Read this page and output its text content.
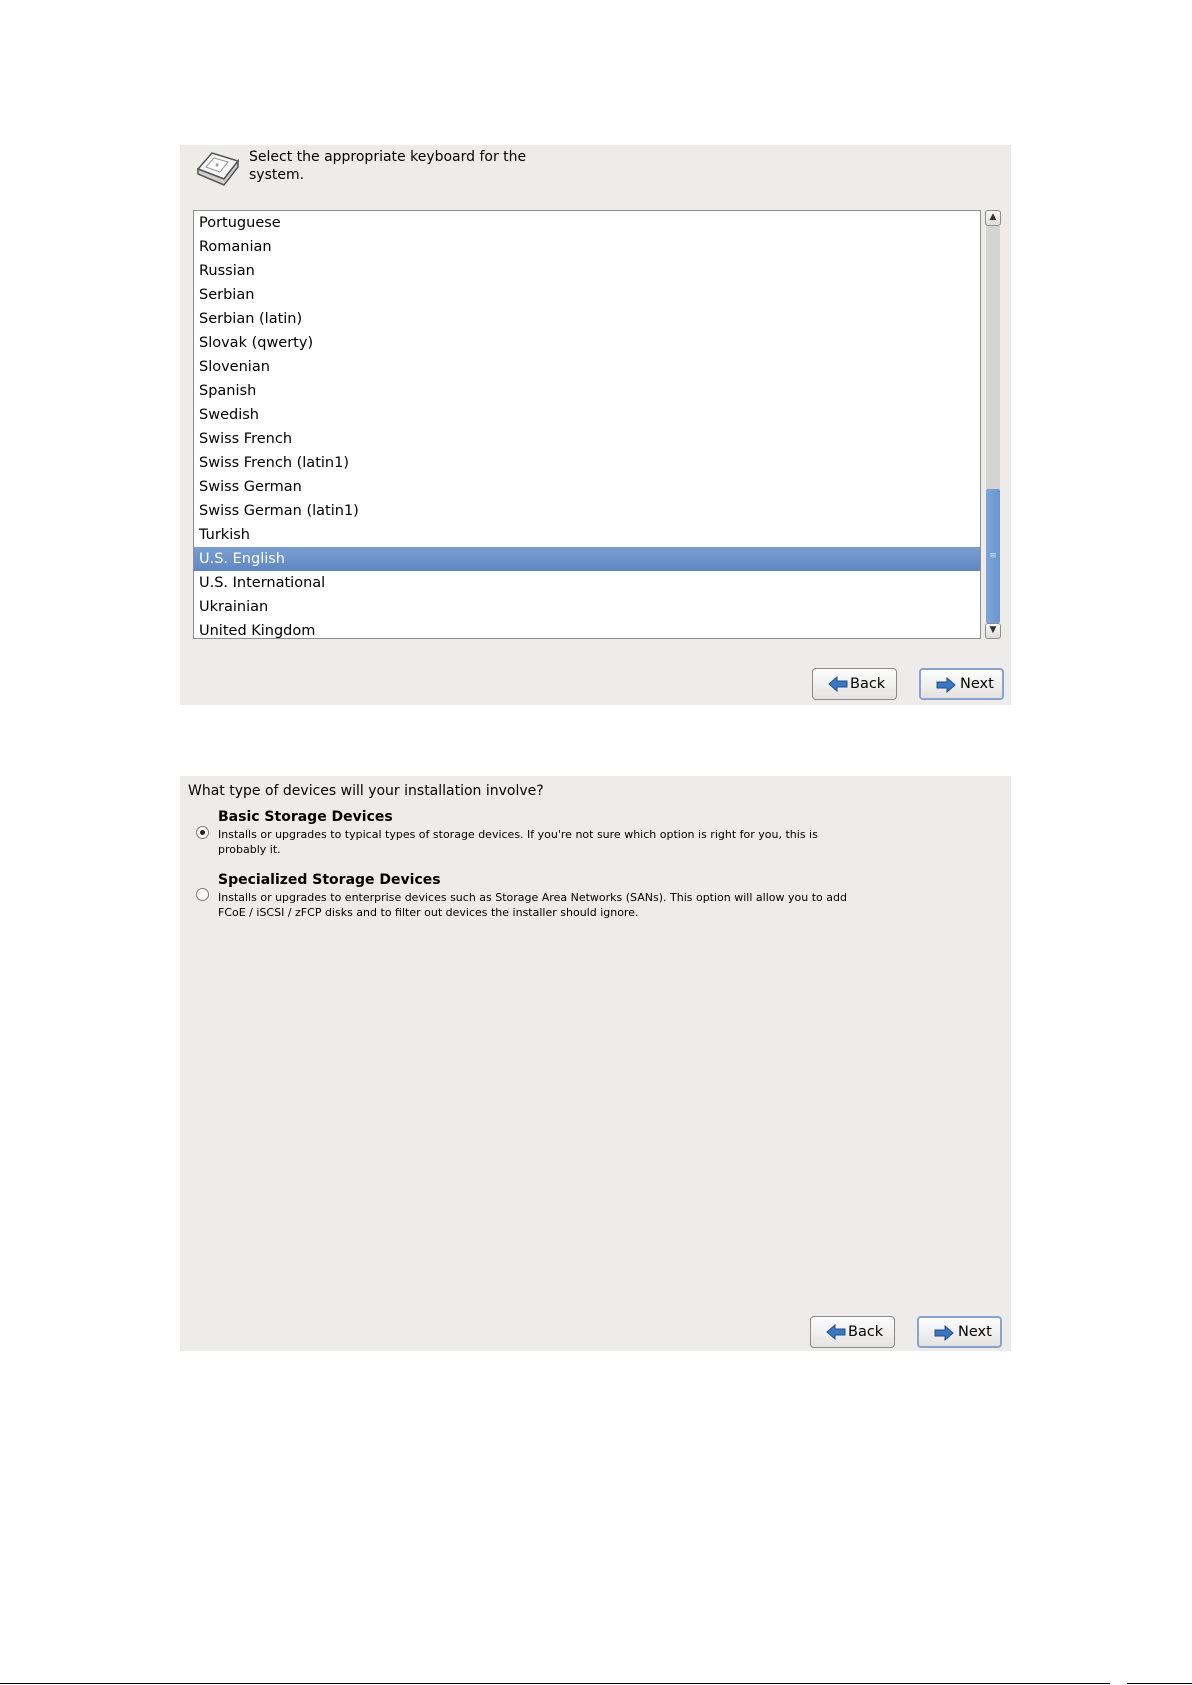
#
Select the appropriate keyboard for the system.
Portuguese
Romanian
Russian
Serbian
Serbian (latin)
Slovak (qwerty)
Slovenian
Spanish
Swedish
Swiss French
Swiss French (latin1)
Swiss German
Swiss German (latin1)
Turkish
U.S. English
U.S. International
Ukrainian
United Kingdom
▲
≡
▼
Back	Next
What type of devices will your installation involve?
Basic Storage Devices
Installs or upgrades to typical types of storage devices. If you're not sure which option is right for you, this is probably it.
Specialized Storage Devices
Installs or upgrades to enterprise devices such as Storage Area Networks (SANs). This option will allow you to add FCoE / iSCSI / zFCP disks and to filter out devices the installer should ignore.
Back	Next
